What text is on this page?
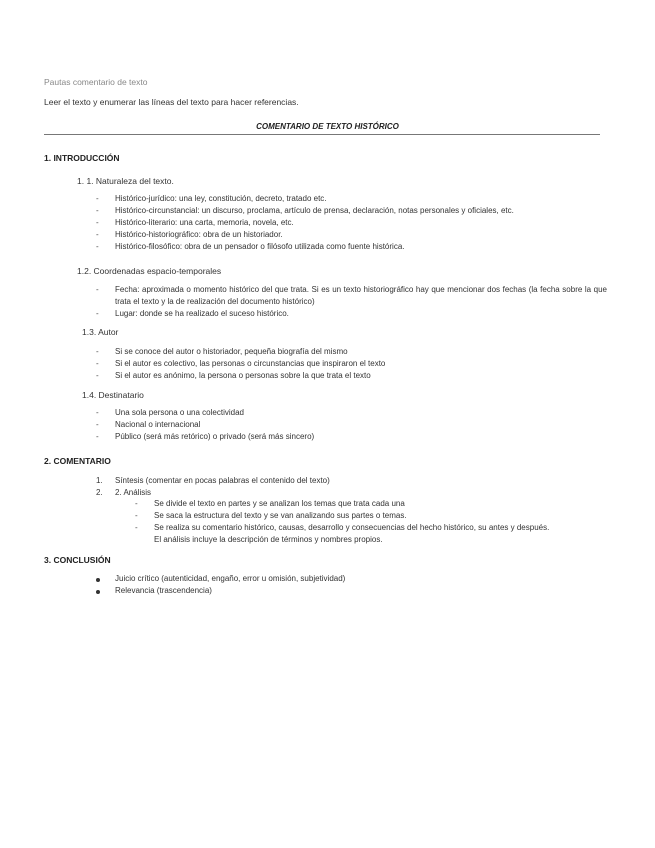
Pautas comentario de texto
Leer el texto y enumerar las líneas del texto para hacer referencias.
COMENTARIO DE TEXTO HISTÓRICO
1. INTRODUCCIÓN
1. 1. Naturaleza del texto.
- Histórico-jurídico: una ley, constitución, decreto, tratado etc.
- Histórico-circunstancial: un discurso, proclama, artículo de prensa, declaración, notas personales y oficiales, etc.
- Histórico-literario: una carta, memoria, novela, etc.
- Histórico-historiográfico: obra de un historiador.
- Histórico-filosófico: obra de un pensador o filósofo utilizada como fuente histórica.
1.2. Coordenadas espacio-temporales
- Fecha: aproximada o momento histórico del que trata. Si es un texto historiográfico hay que mencionar dos fechas (la fecha sobre la que trata el texto y la de realización del documento histórico)
- Lugar: donde se ha realizado el suceso histórico.
1.3. Autor
- Si se conoce del autor o historiador, pequeña biografía del mismo
- Si el autor es colectivo, las personas o circunstancias que inspiraron el texto
- Si el autor es anónimo, la persona o personas sobre la que trata el texto
1.4. Destinatario
- Una sola persona o una colectividad
- Nacional o internacional
- Público (será más retórico) o privado (será más sincero)
2. COMENTARIO
1. Síntesis (comentar en pocas palabras el contenido del texto)
2. 2. Análisis
- Se divide el texto en partes y se analizan los temas que trata cada una
- Se saca la estructura del texto y se van analizando sus partes o temas.
- Se realiza su comentario histórico, causas, desarrollo y consecuencias del hecho histórico, su antes y después.
El análisis incluye la descripción de términos y nombres propios.
3. CONCLUSIÓN
Juicio crítico (autenticidad, engaño, error u omisión, subjetividad)
Relevancia (trascendencia)
